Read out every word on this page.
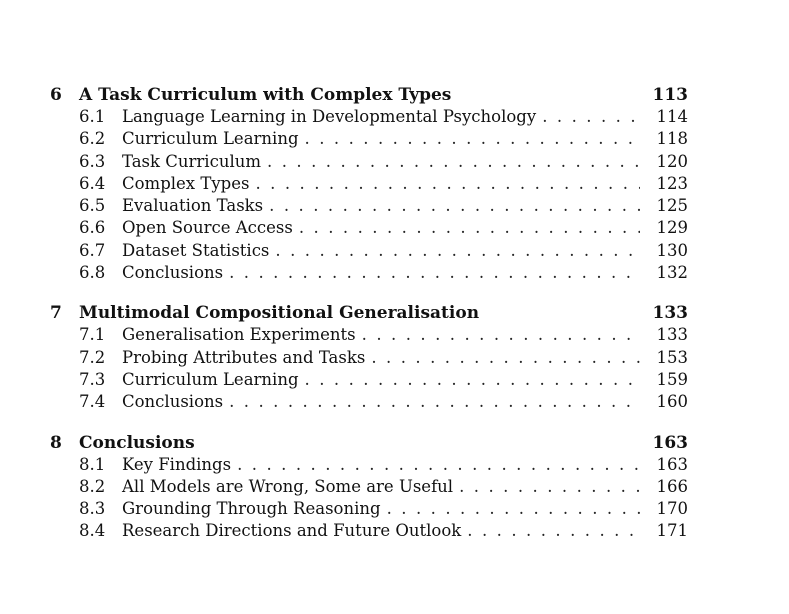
6	A Task Curriculum with Complex Types	113
6.1	Language Learning in Developmental Psychology . . .	114
6.2	Curriculum Learning . . .	118
6.3	Task Curriculum . . .	120
6.4	Complex Types . . .	123
6.5	Evaluation Tasks . . .	125
6.6	Open Source Access . . .	129
6.7	Dataset Statistics . . .	130
6.8	Conclusions . . .	132
7	Multimodal Compositional Generalisation	133
7.1	Generalisation Experiments . . .	133
7.2	Probing Attributes and Tasks . . .	153
7.3	Curriculum Learning . . .	159
7.4	Conclusions . . .	160
8	Conclusions	163
8.1	Key Findings . . .	163
8.2	All Models are Wrong, Some are Useful . . .	166
8.3	Grounding Through Reasoning . . .	170
8.4	Research Directions and Future Outlook . . .	171
